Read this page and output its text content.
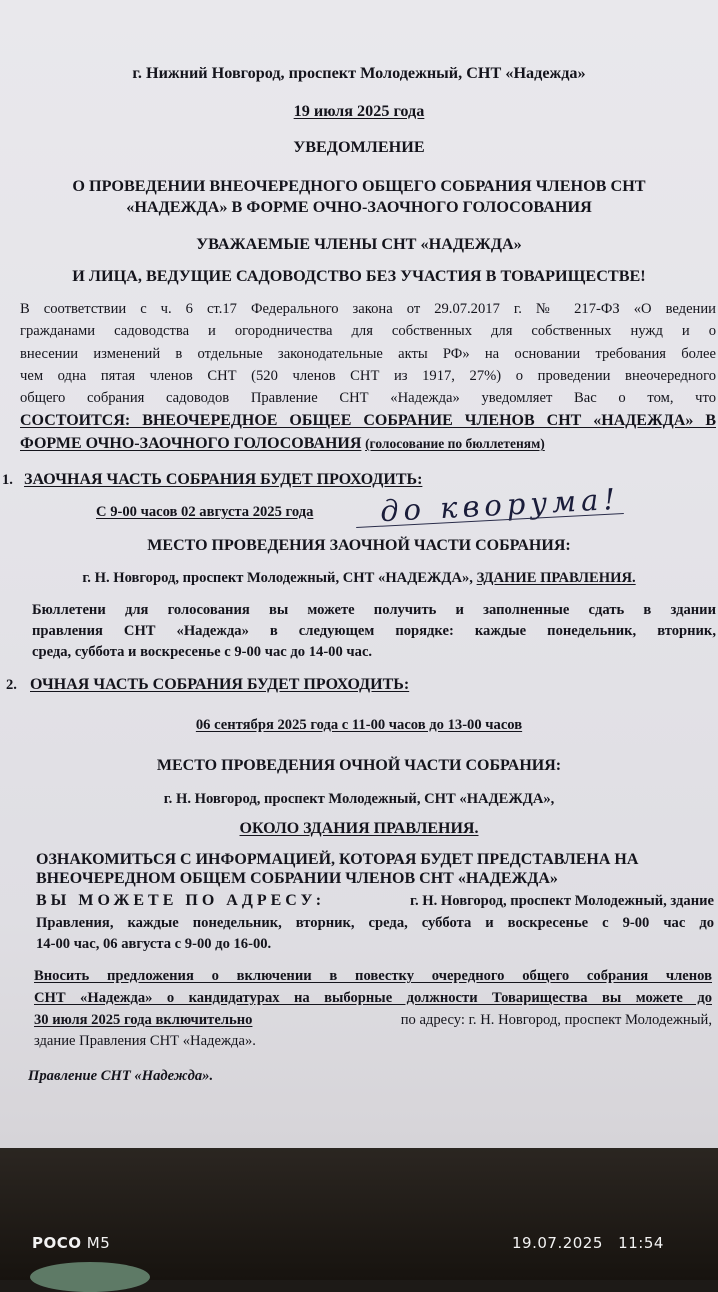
г. Нижний Новгород, проспект Молодежный, СНТ «Надежда»
19 июля 2025 года
УВЕДОМЛЕНИЕ
О ПРОВЕДЕНИИ ВНЕОЧЕРЕДНОГО ОБЩЕГО СОБРАНИЯ ЧЛЕНОВ СНТ
«НАДЕЖДА» В ФОРМЕ ОЧНО-ЗАОЧНОГО ГОЛОСОВАНИЯ
УВАЖАЕМЫЕ ЧЛЕНЫ СНТ «НАДЕЖДА»
И ЛИЦА, ВЕДУЩИЕ САДОВОДСТВО БЕЗ УЧАСТИЯ В ТОВАРИЩЕСТВЕ!
В соответствии с ч. 6 ст.17 Федерального закона от 29.07.2017 г. № 217-ФЗ «О ведении
гражданами садоводства и огородничества для собственных для собственных нужд и о
внесении изменений в отдельные законодательные акты РФ» на основании требования более
чем одна пятая членов СНТ (520 членов СНТ из 1917, 27%) о проведении внеочередного
общего собрания садоводов Правление СНТ «Надежда» уведомляет Вас о том, что
СОСТОИТСЯ: ВНЕОЧЕРЕДНОЕ ОБЩЕЕ СОБРАНИЕ ЧЛЕНОВ СНТ «НАДЕЖДА» В
ФОРМЕ ОЧНО-ЗАОЧНОГО ГОЛОСОВАНИЯ (голосование по бюллетеням)
1. ЗАОЧНАЯ ЧАСТЬ СОБРАНИЯ БУДЕТ ПРОХОДИТЬ:
С 9-00 часов 02 августа 2025 года до кворума!
МЕСТО ПРОВЕДЕНИЯ ЗАОЧНОЙ ЧАСТИ СОБРАНИЯ:
г. Н. Новгород, проспект Молодежный, СНТ «НАДЕЖДА», ЗДАНИЕ ПРАВЛЕНИЯ.
Бюллетени для голосования вы можете получить и заполненные сдать в здании
правления СНТ «Надежда» в следующем порядке: каждые понедельник, вторник,
среда, суббота и воскресенье с 9-00 час до 14-00 час.
2. ОЧНАЯ ЧАСТЬ СОБРАНИЯ БУДЕТ ПРОХОДИТЬ:
06 сентября 2025 года с 11-00 часов до 13-00 часов
МЕСТО ПРОВЕДЕНИЯ ОЧНОЙ ЧАСТИ СОБРАНИЯ:
г. Н. Новгород, проспект Молодежный, СНТ «НАДЕЖДА»,
ОКОЛО ЗДАНИЯ ПРАВЛЕНИЯ.
ОЗНАКОМИТЬСЯ С ИНФОРМАЦИЕЙ, КОТОРАЯ БУДЕТ ПРЕДСТАВЛЕНА НА
ВНЕОЧЕРЕДНОМ ОБЩЕМ СОБРАНИИ ЧЛЕНОВ СНТ «НАДЕЖДА»
ВЫ МОЖЕТЕ ПО АДРЕСУ:	г. Н. Новгород, проспект Молодежный, здание
Правления, каждые понедельник, вторник, среда, суббота и воскресенье с 9-00 час до
14-00 час, 06 августа с 9-00 до 16-00.
Вносить предложения о включении в повестку очередного общего собрания членов
СНТ «Надежда» о кандидатурах на выборные должности Товарищества вы можете до
30 июля 2025 года включительно	по адресу: г. Н. Новгород, проспект Молодежный,
здание Правления СНТ «Надежда».
Правление СНТ «Надежда».
POCO M5	19.07.2025 11:54
